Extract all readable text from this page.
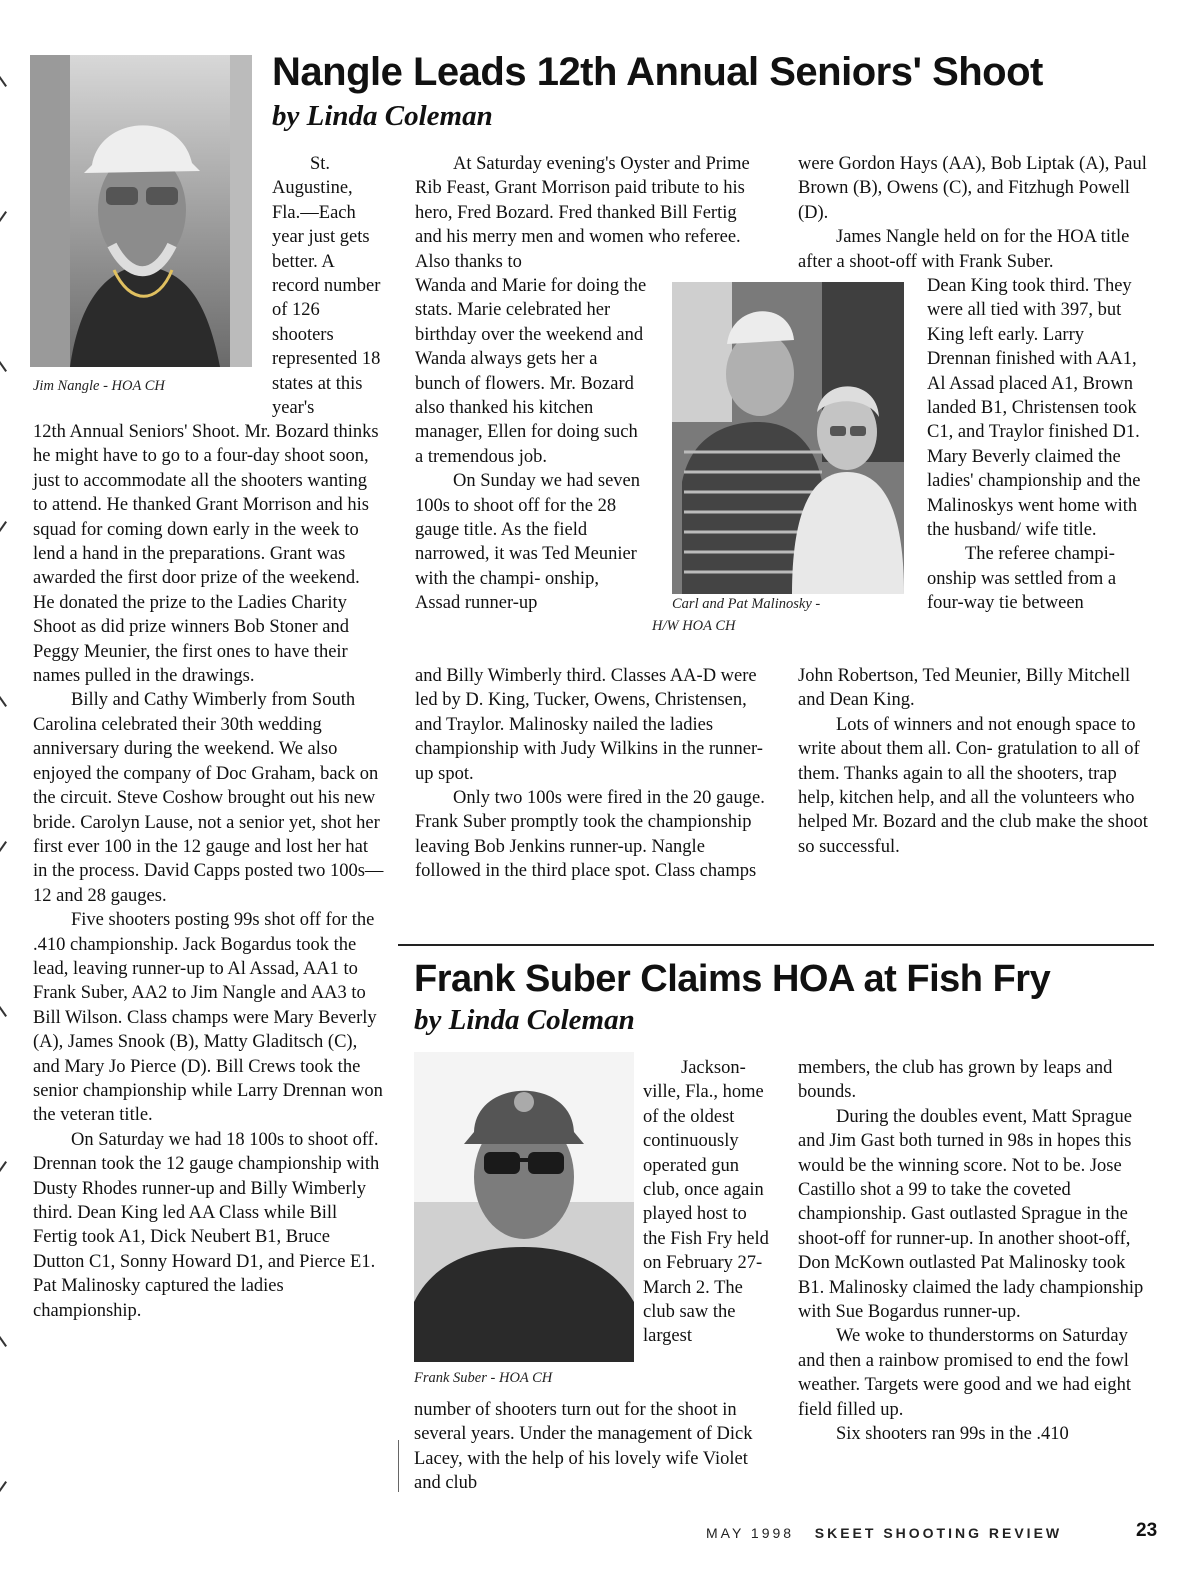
Nangle Leads 12th Annual Seniors' Shoot
by Linda Coleman
Jim Nangle - HOA CH
St. Augustine, Fla.—Each year just gets better. A record number of 126 shooters represented 18 states at this year's

12th Annual Seniors' Shoot. Mr. Bozard thinks he might have to go to a four-day shoot soon, just to accommodate all the shooters wanting to attend. He thanked Grant Morrison and his squad for coming down early in the week to lend a hand in the preparations. Grant was awarded the first door prize of the weekend. He donated the prize to the Ladies Charity Shoot as did prize winners Bob Stoner and Peggy Meunier, the first ones to have their names pulled in the drawings.

Billy and Cathy Wimberly from South Carolina celebrated their 30th wedding anniversary during the weekend. We also enjoyed the company of Doc Graham, back on the circuit. Steve Coshow brought out his new bride. Carolyn Lause, not a senior yet, shot her first ever 100 in the 12 gauge and lost her hat in the process. David Capps posted two 100s—12 and 28 gauges.

Five shooters posting 99s shot off for the .410 championship. Jack Bogardus took the lead, leaving runner-up to Al Assad, AA1 to Frank Suber, AA2 to Jim Nangle and AA3 to Bill Wilson. Class champs were Mary Beverly (A), James Snook (B), Matty Gladitsch (C), and Mary Jo Pierce (D). Bill Crews took the senior championship while Larry Drennan won the veteran title.

On Saturday we had 18 100s to shoot off. Drennan took the 12 gauge championship with Dusty Rhodes runner-up and Billy Wimberly third. Dean King led AA Class while Bill Fertig took A1, Dick Neubert B1, Bruce Dutton C1, Sonny Howard D1, and Pierce E1. Pat Malinosky captured the ladies championship.

At Saturday evening's Oyster and Prime Rib Feast, Grant Morrison paid tribute to his hero, Fred Bozard. Fred thanked Bill Fertig and his merry men and women who referee. Also thanks to

Wanda and Marie for doing the stats. Marie celebrated her birthday over the weekend and Wanda always gets her a bunch of flowers. Mr. Bozard also thanked his kitchen manager, Ellen for doing such a tremendous job.

On Sunday we had seven 100s to shoot off for the 28 gauge title. As the field narrowed, it was Ted Meunier with the champi- onship, Assad runner-up	Carl and Pat Malinosky -
H/W HOA CH

and Billy Wimberly third. Classes AA-D were led by D. King, Tucker, Owens, Christensen, and Traylor. Malinosky nailed the ladies championship with Judy Wilkins in the runner-up spot.

Only two 100s were fired in the 20 gauge. Frank Suber promptly took the championship leaving Bob Jenkins runner-up. Nangle followed in the third place spot. Class champs

were Gordon Hays (AA), Bob Liptak (A), Paul Brown (B), Owens (C), and Fitzhugh Powell (D).

James Nangle held on for the HOA title after a shoot-off with Frank Suber.

Dean King took third. They were all tied with 397, but King left early. Larry Drennan finished with AA1, Al Assad placed A1, Brown landed B1, Christensen took C1, and Traylor finished D1. Mary Beverly claimed the ladies' championship and the Malinoskys went home with the husband/ wife title.

The referee champi- onship was settled from a four-way tie between

John Robertson, Ted Meunier, Billy Mitchell and Dean King.

Lots of winners and not enough space to write about them all. Con- gratulation to all of them. Thanks again to all the shooters, trap help, kitchen help, and all the volunteers who helped Mr. Bozard and the club make the shoot so successful.

Frank Suber Claims HOA at Fish Fry
by Linda Coleman
Frank Suber - HOA CH
Jackson- ville, Fla., home of the oldest continuously operated gun club, once again played host to the Fish Fry held on February 27-March 2. The club saw the largest
number of shooters turn out for the shoot in several years. Under the management of Dick Lacey, with the help of his lovely wife Violet and club

members, the club has grown by leaps and bounds.

During the doubles event, Matt Sprague and Jim Gast both turned in 98s in hopes this would be the winning score. Not to be. Jose Castillo shot a 99 to take the coveted championship. Gast outlasted Sprague in the shoot-off for runner-up. In another shoot-off, Don McKown outlasted Pat Malinosky took B1. Malinosky claimed the lady championship with Sue Bogardus runner-up.

We woke to thunderstorms on Saturday and then a rainbow promised to end the fowl weather. Targets were good and we had eight field filled up.

Six shooters ran 99s in the .410

MAY 1998 SKEET SHOOTING REVIEW	23
